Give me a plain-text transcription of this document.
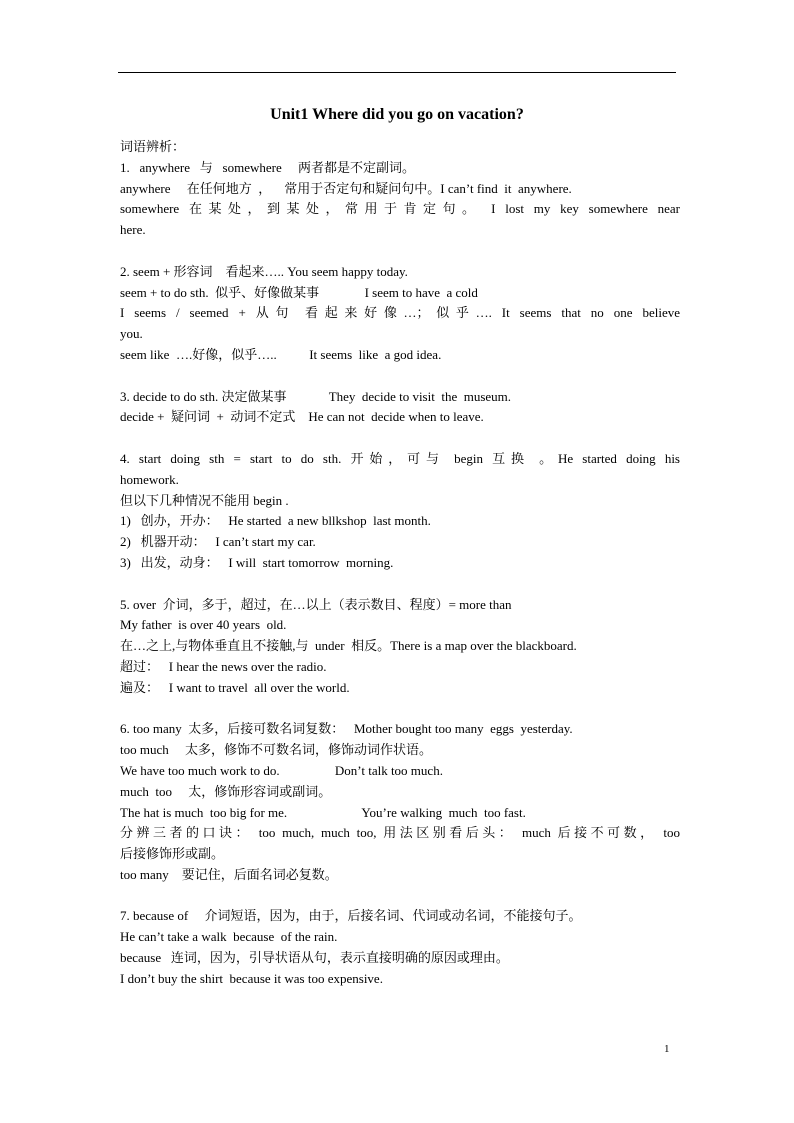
Unit1 Where did you go on vacation?
词语辨析：
1.   anywhere   与   somewhere     两者都是不定副词。
anywhere     在任何地方  ，    常用于否定句和疑问句中。I can’t find  it  anywhere.
somewhere 在某处，到某处，常用于肯定句。 I lost my key somewhere near
here.
2. seem + 形容词    看起来….. You seem happy today.
seem + to do sth.  似乎、好像做某事              I seem to have  a cold
I seems / seemed + 从句 看起来好像…；似乎…. It seems that no one believe
you.
seem like  ….好像，似乎…..          It seems  like  a god idea.
3. decide to do sth. 决定做某事             They  decide to visit  the  museum.
decide +  疑问词  +  动词不定式    He can not  decide when to leave.
4. start doing sth = start to do sth. 开始，可与 begin 互换 。He started doing his
homework.
但以下几种情况不能用 begin .
1)   创办，开办：   He started  a new bllkshop  last month.
2)   机器开动：   I can’t start my car.
3)   出发，动身：   I will  start tomorrow  morning.
5. over  介词，多于，超过，在…以上（表示数目、程度）= more than
My father  is over 40 years  old.
在…之上,与物体垂直且不接触,与  under  相反。There is a map over the blackboard.
超过：   I hear the news over the radio.
遍及：   I want to travel  all over the world.
6. too many  太多，后接可数名词复数：   Mother bought too many  eggs  yesterday.
too much     太多，修饰不可数名词，修饰动词作状语。
We have too much work to do.                 Don’t talk too much.
much  too     太，修饰形容词或副词。
The hat is much  too big for me.                       You’re walking  much  too fast.
分辨三者的口诀： too much, much too, 用法区别看后头： much 后接不可数， too
后接修饰形或副。
too many    要记住，后面名词必复数。
7. because of     介词短语，因为，由于，后接名词、代词或动名词，不能接句子。
He can’t take a walk  because  of the rain.
because   连词，因为，引导状语从句，表示直接明确的原因或理由。
I don’t buy the shirt  because it was too expensive.
1
